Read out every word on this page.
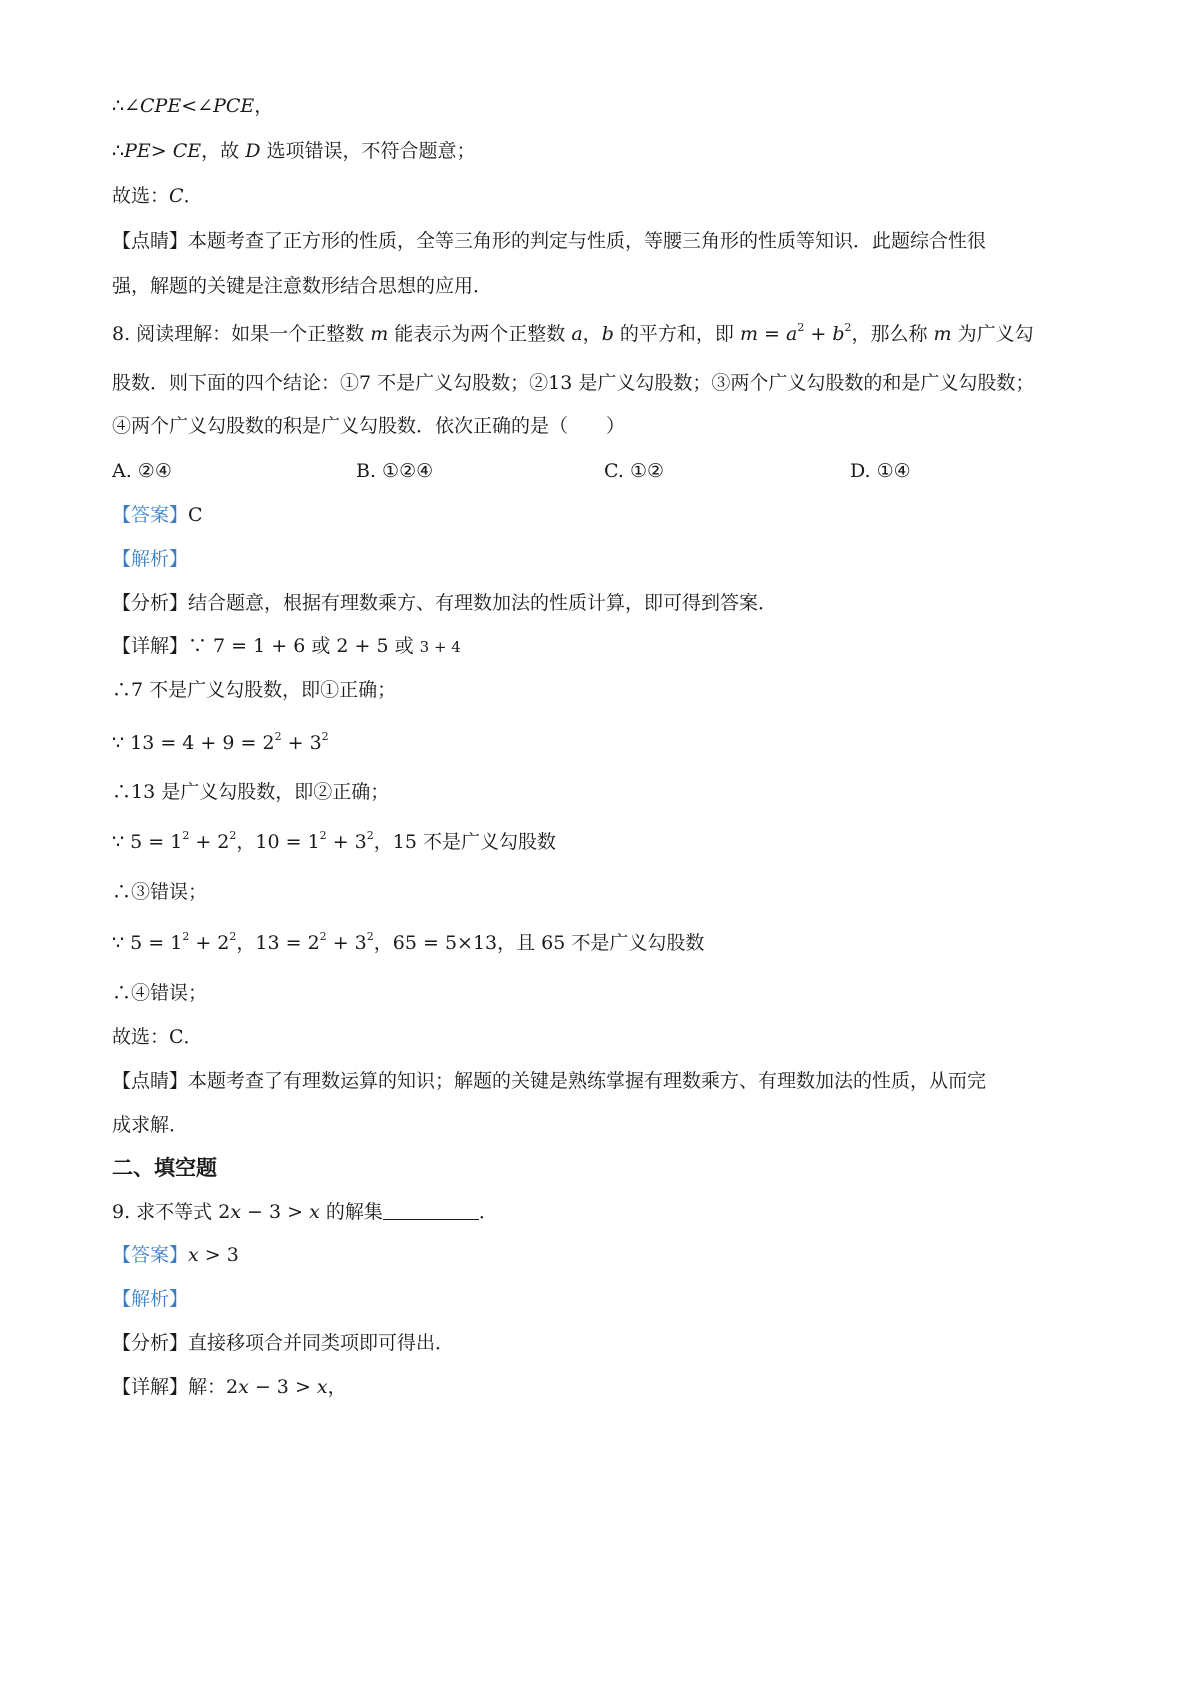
∴∠CPE<∠PCE，
∴PE> CE，故 D 选项错误，不符合题意；
故选：C．
【点睛】本题考查了正方形的性质，全等三角形的判定与性质，等腰三角形的性质等知识．此题综合性很
强，解题的关键是注意数形结合思想的应用．
8. 阅读理解：如果一个正整数 m 能表示为两个正整数 a，b 的平方和，即 $m = a^2 + b^2$，那么称 m 为广义勾
股数．则下面的四个结论：①7 不是广义勾股数；②13 是广义勾股数；③两个广义勾股数的和是广义勾股数；
④两个广义勾股数的积是广义勾股数．依次正确的是（　　）
A. ②④	B. ①②④	C. ①②	D. ①④
【答案】C
【解析】
【分析】结合题意，根据有理数乘方、有理数加法的性质计算，即可得到答案．
【详解】∵ 7 = 1 + 6 或 2 + 5 或 3 + 4
∴7 不是广义勾股数，即①正确；
∵ $13 = 4 + 9 = 2^2 + 3^2$
∴13 是广义勾股数，即②正确；
∵ $5 = 1^2 + 2^2$，$10 = 1^2 + 3^2$，15 不是广义勾股数
∴③错误；
∵ $5 = 1^2 + 2^2$，$13 = 2^2 + 3^2$，65 = 5×13，且 65 不是广义勾股数
∴④错误；
故选：C．
【点睛】本题考查了有理数运算的知识；解题的关键是熟练掌握有理数乘方、有理数加法的性质，从而完
成求解．
二、填空题
9. 求不等式 2x − 3 > x 的解集	．
【答案】x > 3
【解析】
【分析】直接移项合并同类项即可得出．
【详解】解：2x − 3 > x，
